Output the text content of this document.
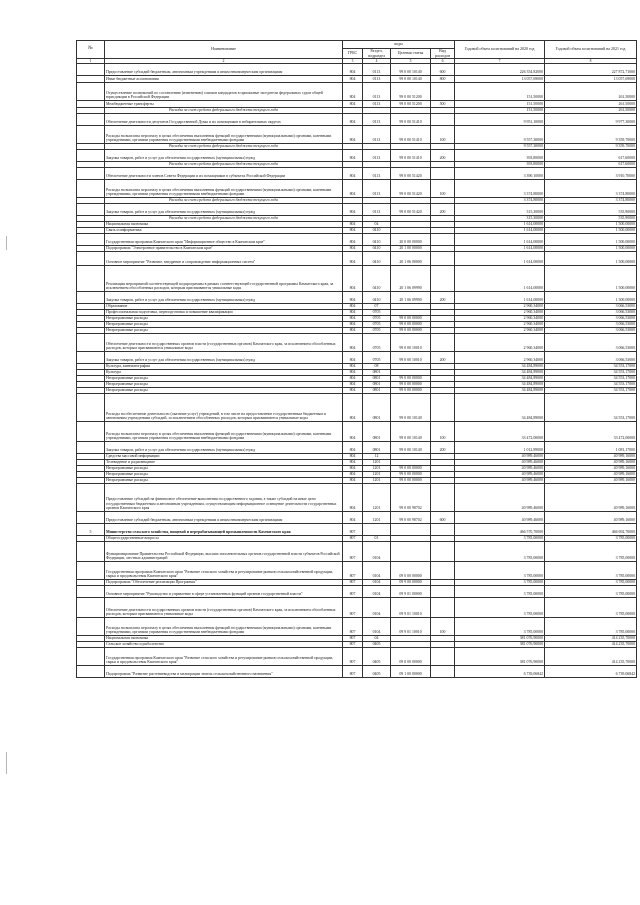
№	Наименование	коды				Годовой объем ассигнований на 2020 год	Годовой объем ассигнований на 2021 год
		ГРБС	Раздел, подраздел	Целевая статья	Вид расходов		
1	2	3	4	5	6	7	8
	Предоставление субсидий бюджетным, автономным учреждениям и иным некоммерческим организациям	804	0113	99 0 00 10140	600	226 354,82000	227 872,71000
	Иные бюджетные ассигнования	804	0113	99 0 00 10140	800	13 057,69000	13 057,69000
	Осуществление полномочий по составлению (изменению) списков кандидатов в присяжные заседатели федеральных судов общей юрисдикции в Российской Федерации	804	0113	99 0 00 51200		151,50000	261,50000
	Межбюджетные трансферты	804	0113	99 0 00 51200	500	151,50000	261,50000
	Расходы за счет средств федерального бюджета текущего года					151,50000	261,50000
	Обеспечение деятельности депутатов Государственной Думы и их помощников в избирательных округах	804	0113	99 0 00 51410		9 951,10000	9 977,30000
	Расходы на выплаты персоналу в целях обеспечения выполнения функций государственными (муниципальными) органами, казенными учреждениями, органами управления государственными внебюджетными фондами	804	0113	99 0 00 51410	100	9 557,30000	9 359,70000
	Расходы за счет средств федерального бюджета текущего года					9 557,30000	9 359,70000
	Закупка товаров, работ и услуг для обеспечения государственных (муниципальных) нужд	804	0113	99 0 00 51410	200	393,80000	617,60000
	Расходы за счет средств федерального бюджета текущего года					393,80000	617,60000
	Обеспечение деятельности членов Совета Федерации и их помощников в субъектах Российской Федерации	804	0113	99 0 00 51420		3 390,10000	3 910,70000
	Расходы на выплаты персоналу в целях обеспечения выполнения функций государственными (муниципальными) органами, казенными учреждениями, органами управления государственными внебюджетными фондами	804	0113	99 0 00 51420	100	3 374,80000	3 374,80000
	Расходы за счет средств федерального бюджета текущего года					3 374,80000	3 374,80000
	Закупка товаров, работ и услуг для обеспечения государственных (муниципальных) нужд	804	0113	99 0 00 51420	200	315,30000	535,90000
	Расходы за счет средств федерального бюджета текущего года					315,30000	535,90000
	Национальная экономика	804	04			1 614,00000	1 500,00000
	Связь и информатика	804	0410			1 614,00000	1 500,00000
	Государственная программа Камчатского края "Информационное общество в Камчатском крае"	804	0410	20 0 00 00000		1 614,00000	1 500,00000
	Подпрограмма "Электронное правительство в Камчатском крае"	804	0410	20 1 00 00000		1 614,00000	1 500,00000
	Основное мероприятие "Развитие, внедрение и сопровождение информационных систем"	804	0410	20 1 06 00000		1 614,00000	1 500,00000
	Реализация мероприятий соответствующей подпрограммы в рамках соответствующей государственной программы Камчатского края, за исключением обособленных расходов, которым присваиваются уникальные коды	804	0410	20 1 06 09990		1 614,00000	1 500,00000
	Закупка товаров, работ и услуг для обеспечения государственных (муниципальных) нужд	804	0410	20 1 06 09990	200	1 614,00000	1 500,00000
	Образование	804	07			2 960,34000	3 066,53000
	Профессиональная подготовка, переподготовка и повышение квалификации	804	0705			2 960,34000	3 066,53000
	Непрограммные расходы	804	0705	99 0 00 00000		2 960,34000	3 066,53000
	Непрограммные расходы	804	0705	99 0 00 00000		2 960,34000	3 066,53000
	Непрограммные расходы	804	0705	99 0 00 00000		2 960,34000	3 066,53000
	Обеспечение деятельности государственных органов власти (государственных органов) Камчатского края, за исключением обособленных расходов, которым присваиваются уникальные коды	804	0705	99 0 00 10010		2 960,34000	3 066,53000
	Закупка товаров, работ и услуг для обеспечения государственных (муниципальных) нужд	804	0705	99 0 00 10010	200	2 960,34000	3 066,53000
	Культура, кинематография	804	08			34 484,89000	34 553,17000
	Культура	804	0801			34 484,89000	34 553,17000
	Непрограммные расходы	804	0801	99 0 00 00000		34 484,89000	34 553,17000
	Непрограммные расходы	804	0801	99 0 00 00000		34 484,89000	34 553,17000
	Непрограммные расходы	804	0801	99 0 00 00000		34 484,89000	34 553,17000
	Расходы на обеспечение деятельности (оказание услуг) учреждений, в том числе на предоставление государственным бюджетным и автономным учреждениям субсидий, за исключением обособленных расходов, которым присваиваются уникальные коды	804	0801	99 0 00 10140		34 484,89000	34 553,17000
	Расходы на выплаты персоналу в целях обеспечения выполнения функций государственными (муниципальными) органами, казенными учреждениями, органами управления государственными внебюджетными фондами	804	0801	99 0 00 10140	100	33 472,00000	33 472,00000
	Закупка товаров, работ и услуг для обеспечения государственных (муниципальных) нужд	804	0801	99 0 00 10140	200	1 012,89000	1 081,17000
	Средства массовой информации	804	12			40 989,46000	40 989,16000
	Телевидение и радиовещание	804	1201			40 989,46000	40 989,16000
	Непрограммные расходы	804	1201	99 0 00 00000		40 989,46000	40 989,16000
	Непрограммные расходы	804	1201	99 0 00 00000		40 989,46000	40 989,16000
	Непрограммные расходы	804	1201	99 0 00 00000		40 989,46000	40 989,16000
	Предоставление субсидий на финансовое обеспечение выполнения государственного задания, а также субсидий на иные цели государственным бюджетным и автономным учреждениям, осуществляющим информационное освещение деятельности государственных органов Камчатского края	804	1201	99 0 00 98702		40 989,46000	40 989,16000
	Предоставление субсидий бюджетным, автономным учреждениям и иным некоммерческим организациям	804	1201	99 0 00 98702	600	40 989,46000	40 989,16000
5	Министерство сельского хозяйства, пищевой и перерабатывающей промышленности Камчатского края	807				466 570,70000	466 692,70000
	Общегосударственные вопросы	807	01			3 785,00000	3 785,00000
	Функционирование Правительства Российской Федерации, высших исполнительных органов государственной власти субъектов Российской Федерации, местных администраций	807	0104			3 785,00000	3 785,00000
	Государственная программа Камчатского края "Развитие сельского хозяйства и регулирование рынков сельскохозяйственной продукции, сырья и продовольствия Камчатского края"	807	0104	09 0 00 00000		3 785,00000	3 785,00000
	Подпрограмма "Обеспечение реализации Программы"	807	0104	09 9 00 00000		3 785,00000	3 785,00000
	Основное мероприятие "Руководство и управление в сфере установленных функций органов государственной власти"	807	0104	09 9 01 00000		3 785,00000	3 785,00000
	Обеспечение деятельности государственных органов власти (государственных органов) Камчатского края, за исключением обособленных расходов, которым присваиваются уникальные коды	807	0104	09 9 01 10010		3 785,00000	3 785,00000
	Расходы на выплаты персоналу в целях обеспечения выполнения функций государственными (муниципальными) органами, казенными учреждениями, органами управления государственными внебюджетными фондами	807	0104	09 9 01 10010	100	3 785,00000	3 785,00000
	Национальная экономика	807	04			381 076,90000	414 235,70000
	Сельское хозяйство и рыболовство	807	0405			381 076,90000	414 235,70000
	Государственная программа Камчатского края "Развитие сельского хозяйства и регулирование рынков сельскохозяйственной продукции, сырья и продовольствия Камчатского края"	807	0405	09 0 00 00000		381 076,90000	414 235,70000
	Подпрограмма "Развитие растениеводства и мелиорации земель сельскохозяйственного назначения"	807	0405	09 1 00 00000		6 739,06842	6 739,06842
